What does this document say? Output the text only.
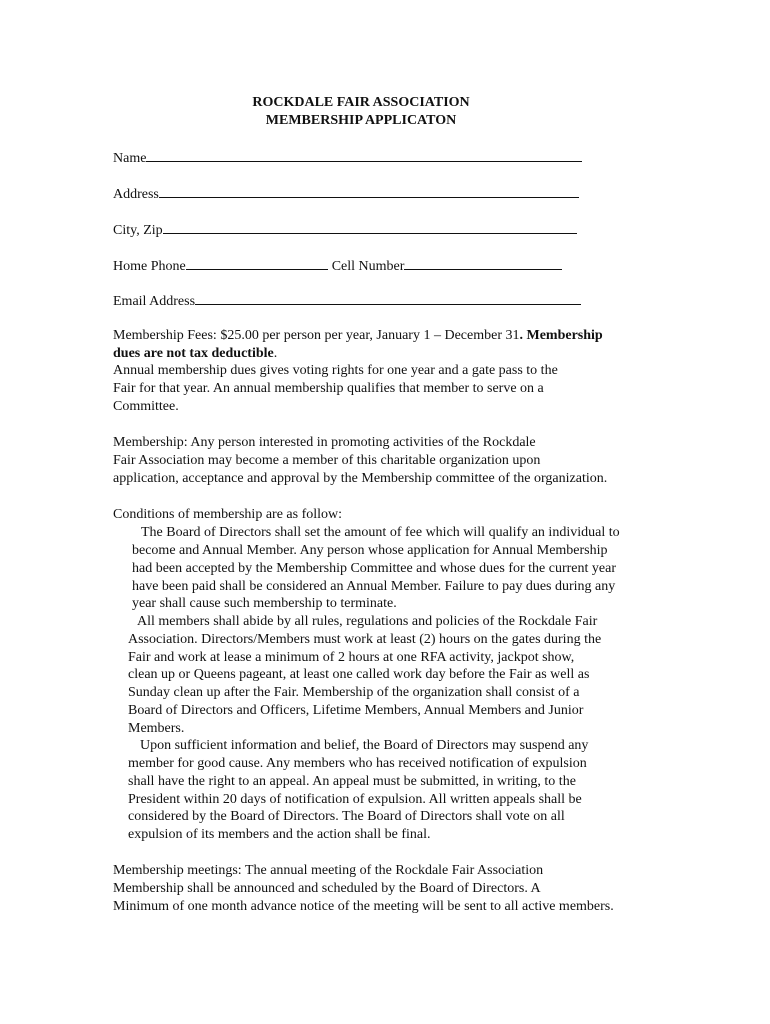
ROCKDALE FAIR ASSOCIATION
MEMBERSHIP APPLICATON
Name
Address
City, Zip
Home Phone	Cell Number
Email Address
Membership Fees: $25.00 per person per year, January 1 – December 31. Membership
dues are not tax deductible.
Annual membership dues gives voting rights for one year and a gate pass to the
Fair for that year. An annual membership qualifies that member to serve on a
Committee.
Membership: Any person interested in promoting activities of the Rockdale
Fair Association may become a member of this charitable organization upon
application, acceptance and approval by the Membership committee of the organization.
Conditions of membership are as follow:
The Board of Directors shall set the amount of fee which will qualify an individual to
become and Annual Member. Any person whose application for Annual Membership
had been accepted by the Membership Committee and whose dues for the current year
have been paid shall be considered an Annual Member. Failure to pay dues during any
year shall cause such membership to terminate.
All members shall abide by all rules, regulations and policies of the Rockdale Fair
Association. Directors/Members must work at least (2) hours on the gates during the
Fair and work at lease a minimum of 2 hours at one RFA activity, jackpot show,
clean up or Queens pageant, at least one called work day before the Fair as well as
Sunday clean up after the Fair. Membership of the organization shall consist of a
Board of Directors and Officers, Lifetime Members, Annual Members and Junior
Members.
Upon sufficient information and belief, the Board of Directors may suspend any
member for good cause. Any members who has received notification of expulsion
shall have the right to an appeal. An appeal must be submitted, in writing, to the
President within 20 days of notification of expulsion. All written appeals shall be
considered by the Board of Directors. The Board of Directors shall vote on all
expulsion of its members and the action shall be final.
Membership meetings: The annual meeting of the Rockdale Fair Association
Membership shall be announced and scheduled by the Board of Directors. A
Minimum of one month advance notice of the meeting will be sent to all active members.
